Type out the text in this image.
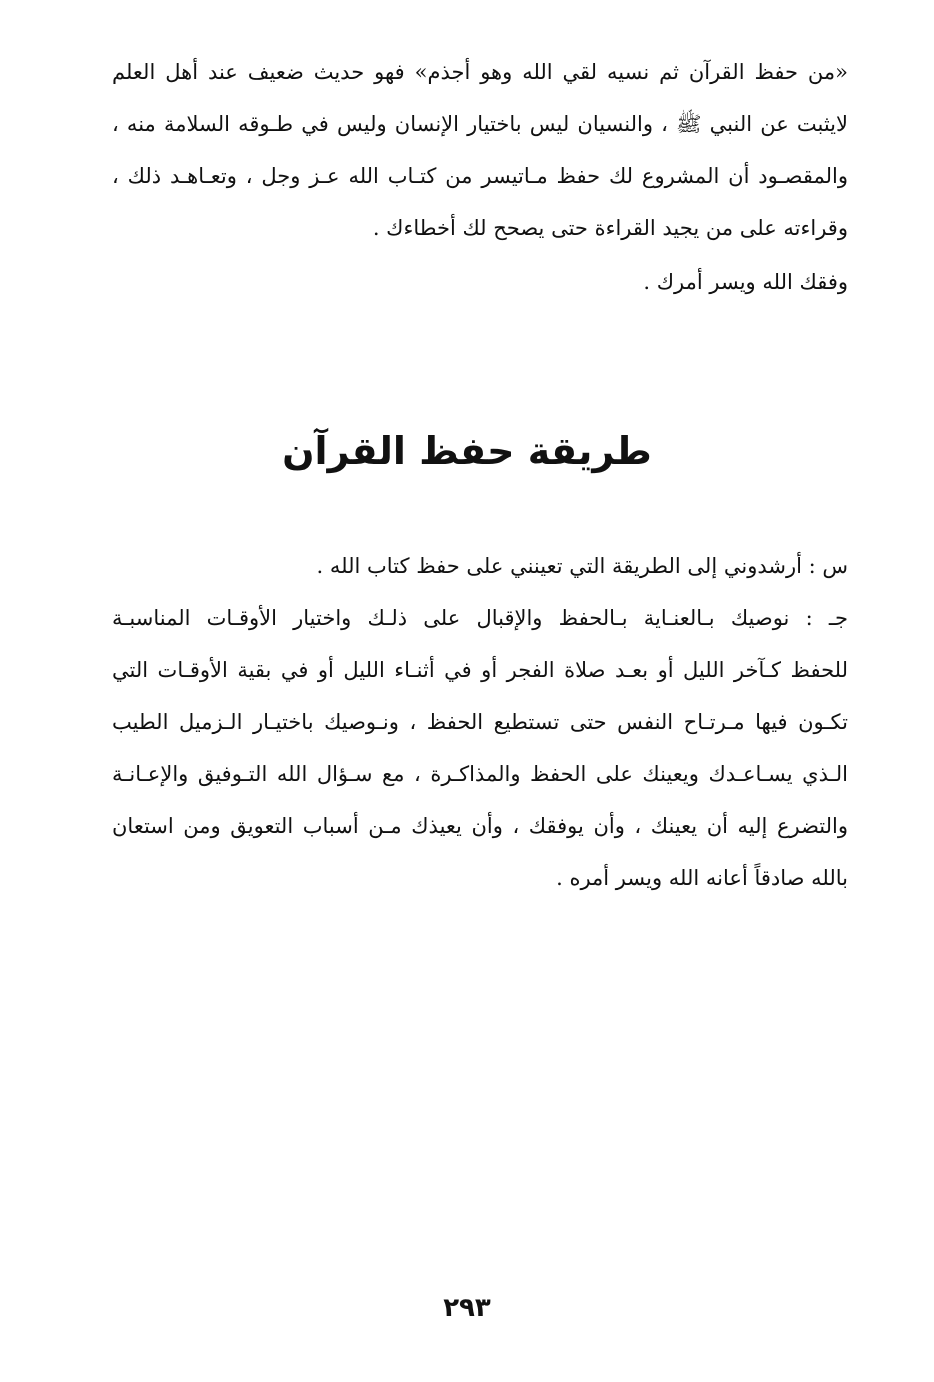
«من حفظ القرآن ثم نسيه لقي الله وهو أجذم» فهو حديث ضعيف عند أهل العلم
لايثبت عن النبي ﷺ ، والنسيان ليس باختيار الإنسان وليس في طـوقه السلامة منه ،
والمقصـود أن المشروع لك حفظ مـاتيسر من كتـاب الله عـز وجل ، وتعـاهـد ذلك ،
وقراءته على من يجيد القراءة حتى يصحح لك أخطاءك .
وفقك الله ويسر أمرك .
طريقة حفظ القرآن
س : أرشدوني إلى الطريقة التي تعينني على حفظ كتاب الله .
جـ : نوصيك بـالعنـاية بـالحفظ والإقبال على ذلـك واختيار الأوقـات المناسبـة
للحفظ كـآخر الليل أو بعـد صلاة الفجر أو في أثنـاء الليل أو في بقية الأوقـات التي
تكـون فيها مـرتـاح النفس حتى تستطيع الحفظ ، ونـوصيك باختيـار الـزميل الطيب
الـذي يسـاعـدك ويعينك على الحفظ والمذاكـرة ، مع سـؤال الله التـوفيق والإعـانـة
والتضرع إليه أن يعينك ، وأن يوفقك ، وأن يعيذك مـن أسباب التعويق ومن استعان
بالله صادقاً أعانه الله ويسر أمره .
٢٩٣
